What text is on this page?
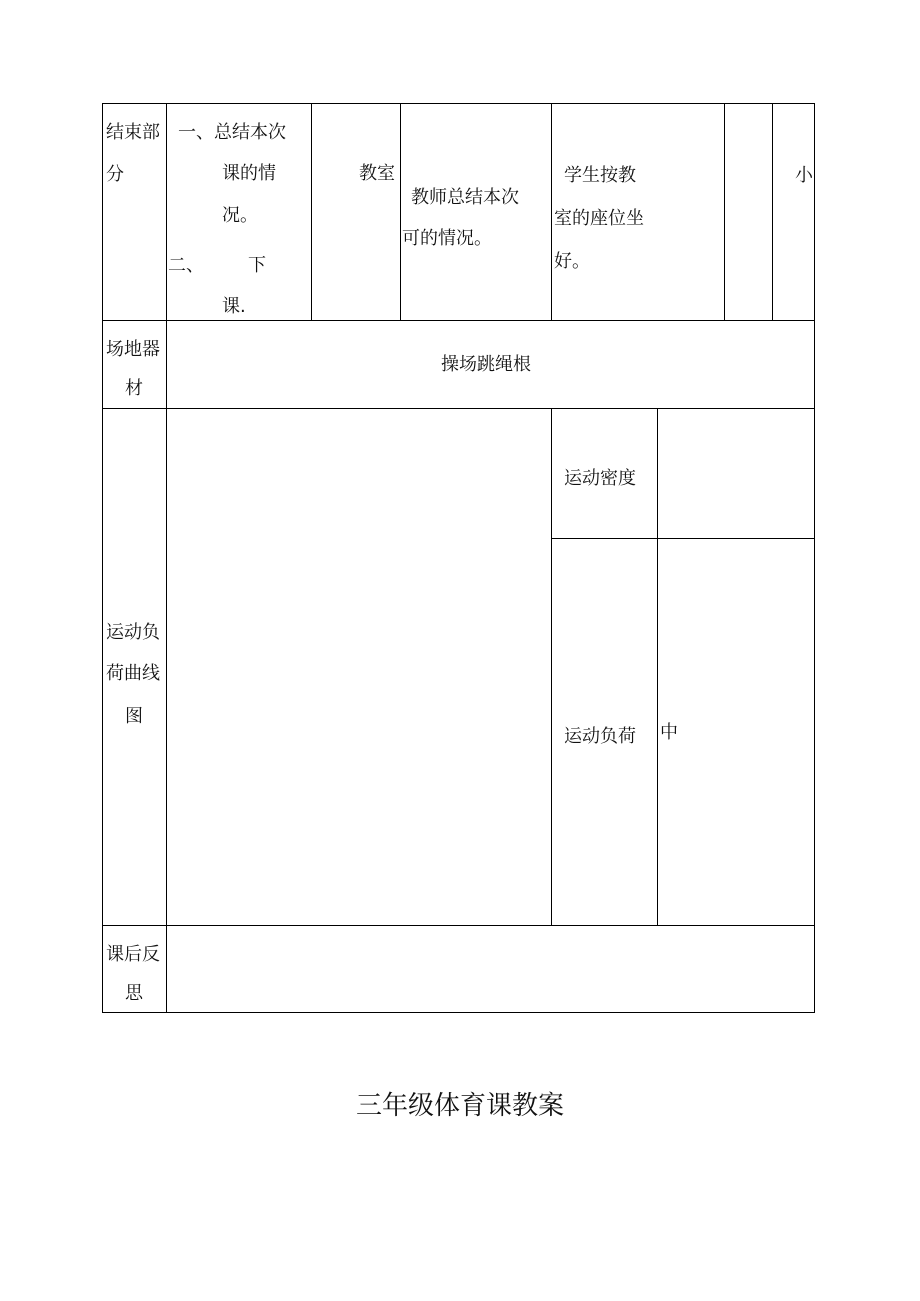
结束部
分
一、总结本次
课的情
况。
二、 下
课.
教室
教师总结本次
可的情况。
学生按教
室的座位坐
好。
小
场地器
材
操场跳绳根
运动负
荷曲线
图
运动密度
运动负荷 中
课后反
思
三年级体育课教案
